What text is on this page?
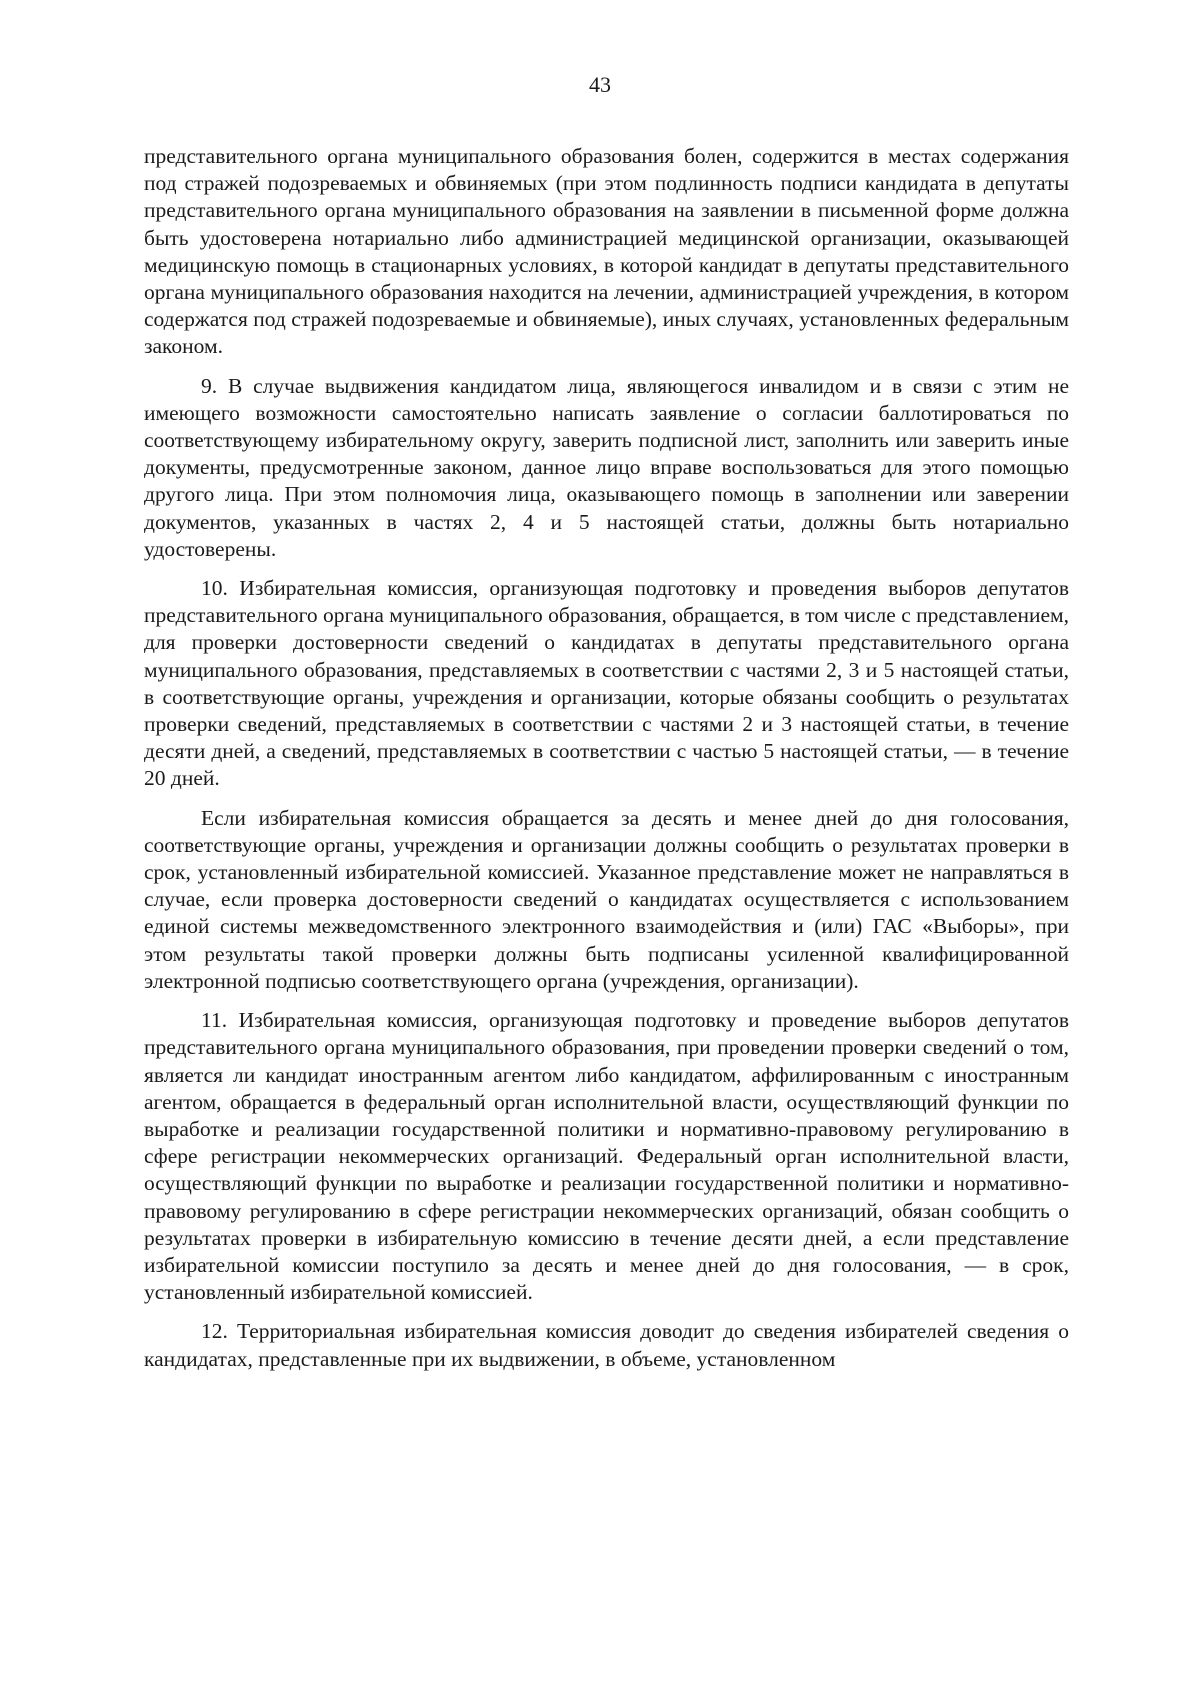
43

представительного органа муниципального образования болен, содержится в местах содержания под стражей подозреваемых и обвиняемых (при этом подлинность подписи кандидата в депутаты представительного органа муниципального образования на заявлении в письменной форме должна быть удостоверена нотариально либо администрацией медицинской организации, оказывающей медицинскую помощь в стационарных условиях, в которой кандидат в депутаты представительного органа муниципального образования находится на лечении, администрацией учреждения, в котором содержатся под стражей подозреваемые и обвиняемые), иных случаях, установленных федеральным законом.

9. В случае выдвижения кандидатом лица, являющегося инвалидом и в связи с этим не имеющего возможности самостоятельно написать заявление о согласии баллотироваться по соответствующему избирательному округу, заверить подписной лист, заполнить или заверить иные документы, предусмотренные законом, данное лицо вправе воспользоваться для этого помощью другого лица. При этом полномочия лица, оказывающего помощь в заполнении или заверении документов, указанных в частях 2, 4 и 5 настоящей статьи, должны быть нотариально удостоверены.

10. Избирательная комиссия, организующая подготовку и проведения выборов депутатов представительного органа муниципального образования, обращается, в том числе с представлением, для проверки достоверности сведений о кандидатах в депутаты представительного органа муниципального образования, представляемых в соответствии с частями 2, 3 и 5 настоящей статьи, в соответствующие органы, учреждения и организации, которые обязаны сообщить о результатах проверки сведений, представляемых в соответствии с частями 2 и 3 настоящей статьи, в течение десяти дней, а сведений, представляемых в соответствии с частью 5 настоящей статьи, — в течение 20 дней.

Если избирательная комиссия обращается за десять и менее дней до дня голосования, соответствующие органы, учреждения и организации должны сообщить о результатах проверки в срок, установленный избирательной комиссией. Указанное представление может не направляться в случае, если проверка достоверности сведений о кандидатах осуществляется с использованием единой системы межведомственного электронного взаимодействия и (или) ГАС «Выборы», при этом результаты такой проверки должны быть подписаны усиленной квалифицированной электронной подписью соответствующего органа (учреждения, организации).

11. Избирательная комиссия, организующая подготовку и проведение выборов депутатов представительного органа муниципального образования, при проведении проверки сведений о том, является ли кандидат иностранным агентом либо кандидатом, аффилированным с иностранным агентом, обращается в федеральный орган исполнительной власти, осуществляющий функции по выработке и реализации государственной политики и нормативно-правовому регулированию в сфере регистрации некоммерческих организаций. Федеральный орган исполнительной власти, осуществляющий функции по выработке и реализации государственной политики и нормативно-правовому регулированию в сфере регистрации некоммерческих организаций, обязан сообщить о результатах проверки в избирательную комиссию в течение десяти дней, а если представление избирательной комиссии поступило за десять и менее дней до дня голосования, — в срок, установленный избирательной комиссией.

12. Территориальная избирательная комиссия доводит до сведения избирателей сведения о кандидатах, представленные при их выдвижении, в объеме, установленном
